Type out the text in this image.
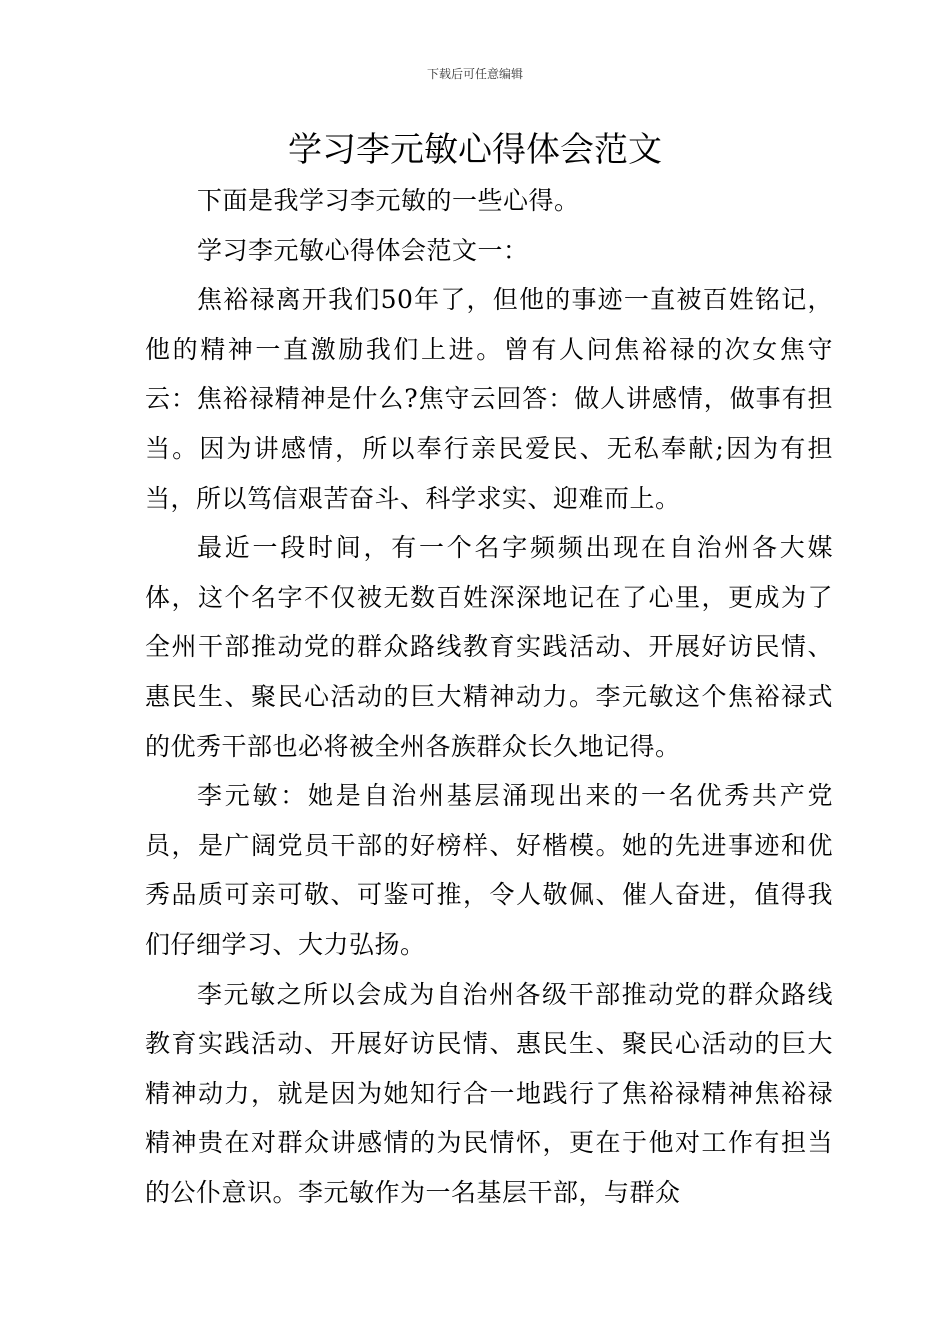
下载后可任意编辑
学习李元敏心得体会范文

下面是我学习李元敏的一些心得。

学习李元敏心得体会范文一：

焦裕禄离开我们50年了，但他的事迹一直被百姓铭记，他的精神一直激励我们上进。曾有人问焦裕禄的次女焦守云：焦裕禄精神是什么?焦守云回答：做人讲感情，做事有担当。因为讲感情，所以奉行亲民爱民、无私奉献;因为有担当，所以笃信艰苦奋斗、科学求实、迎难而上。

最近一段时间，有一个名字频频出现在自治州各大媒体，这个名字不仅被无数百姓深深地记在了心里，更成为了全州干部推动党的群众路线教育实践活动、开展好访民情、惠民生、聚民心活动的巨大精神动力。李元敏这个焦裕禄式的优秀干部也必将被全州各族群众长久地记得。

李元敏：她是自治州基层涌现出来的一名优秀共产党员，是广阔党员干部的好榜样、好楷模。她的先进事迹和优秀品质可亲可敬、可鉴可推，令人敬佩、催人奋进，值得我们仔细学习、大力弘扬。

李元敏之所以会成为自治州各级干部推动党的群众路线教育实践活动、开展好访民情、惠民生、聚民心活动的巨大精神动力，就是因为她知行合一地践行了焦裕禄精神焦裕禄精神贵在对群众讲感情的为民情怀，更在于他对工作有担当的公仆意识。李元敏作为一名基层干部，与群众
